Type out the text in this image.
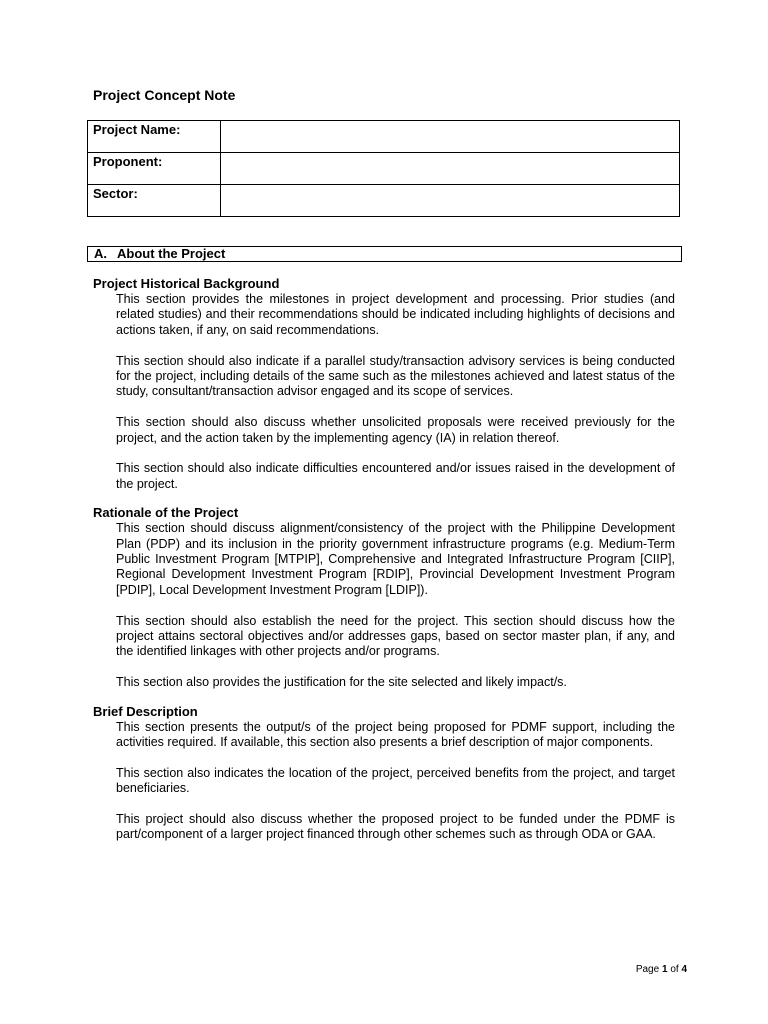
Project Concept Note
Project Name:	
Proponent:	
Sector:	
A. About the Project

Project Historical Background

This section provides the milestones in project development and processing. Prior studies (and related studies) and their recommendations should be indicated including highlights of decisions and actions taken, if any, on said recommendations.

This section should also indicate if a parallel study/transaction advisory services is being conducted for the project, including details of the same such as the milestones achieved and latest status of the study, consultant/transaction advisor engaged and its scope of services.

This section should also discuss whether unsolicited proposals were received previously for the project, and the action taken by the implementing agency (IA) in relation thereof.

This section should also indicate difficulties encountered and/or issues raised in the development of the project.

Rationale of the Project

This section should discuss alignment/consistency of the project with the Philippine Development Plan (PDP) and its inclusion in the priority government infrastructure programs (e.g. Medium-Term Public Investment Program [MTPIP], Comprehensive and Integrated Infrastructure Program [CIIP], Regional Development Investment Program [RDIP], Provincial Development Investment Program [PDIP], Local Development Investment Program [LDIP]).

This section should also establish the need for the project. This section should discuss how the project attains sectoral objectives and/or addresses gaps, based on sector master plan, if any, and the identified linkages with other projects and/or programs.

This section also provides the justification for the site selected and likely impact/s.

Brief Description

This section presents the output/s of the project being proposed for PDMF support, including the activities required. If available, this section also presents a brief description of major components.

This section also indicates the location of the project, perceived benefits from the project, and target beneficiaries.

This project should also discuss whether the proposed project to be funded under the PDMF is part/component of a larger project financed through other schemes such as through ODA or GAA.

Page 1 of 4
